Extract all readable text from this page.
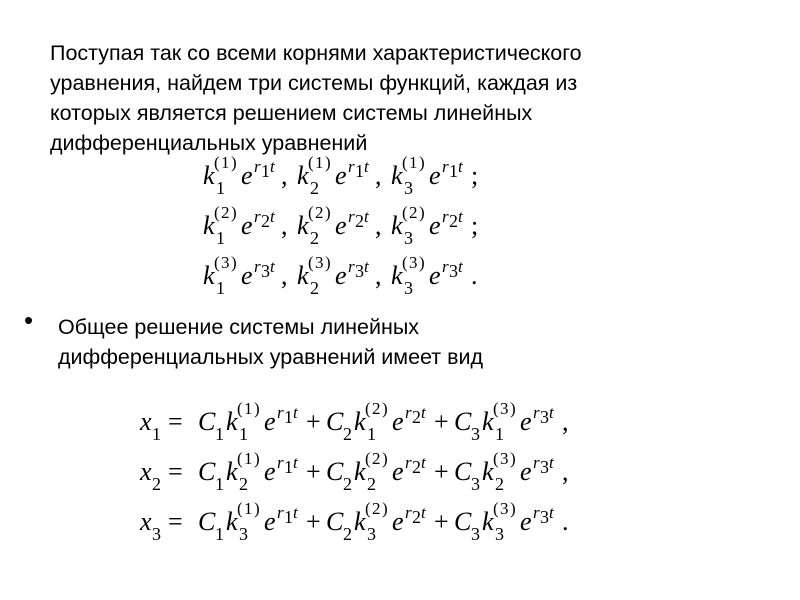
Поступая так со всеми корнями характеристического
уравнения, найдем три системы функций, каждая из
которых является решением системы линейных
дифференциальных уравнений
k 1
( 1 ) e r 1 t , k 2
( 1 ) e r 1 t , k 3
( 1 ) e r 1 t ;
k 1
( 2 ) e r 2 t , k 2
( 2 ) e r 2 t , k 3
( 2 ) e r 2 t ;
k 1
( 3 ) e r 3 t , k 2
( 3 ) e r 3 t , k 3
( 3 ) e r 3 t .
• Общее решение системы линейных
дифференциальных уравнений имеет вид
x 1 = C 1 k 1
( 1 ) e r 1 t + C 2 k 1
( 2 ) e r 2 t + C 3 k 1
( 3 ) e r 3 t ,
x 2 = C 1 k 2
( 1 ) e r 1 t + C 2 k 2
( 2 ) e r 2 t + C 3 k 2
( 3 ) e r 3 t ,
x 3 = C 1 k 3
( 1 ) e r 1 t + C 2 k 3
( 2 ) e r 2 t + C 3 k 3
( 3 ) e r 3 t .
